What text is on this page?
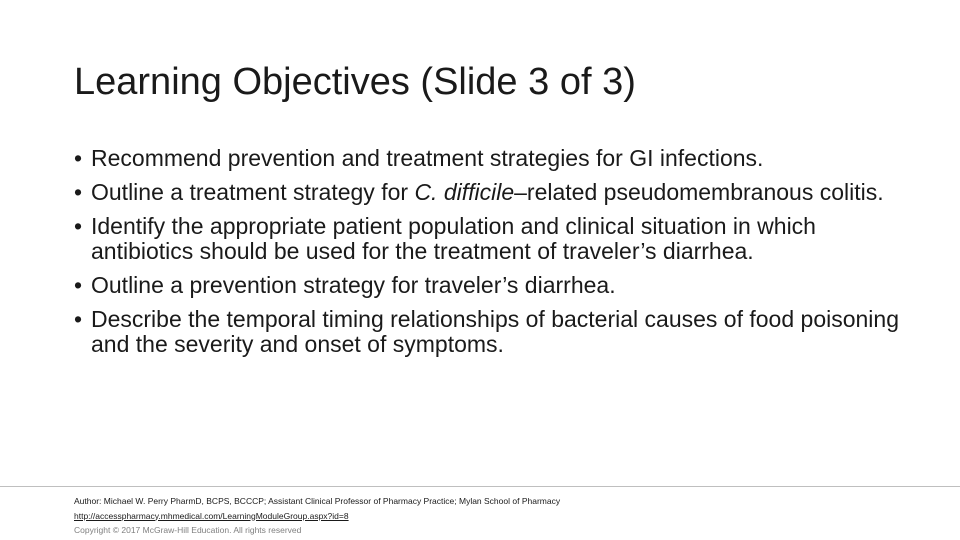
Learning Objectives (Slide 3 of 3)
• Recommend prevention and treatment strategies for GI infections.
• Outline a treatment strategy for C. difficile–related pseudomembranous colitis.
• Identify the appropriate patient population and clinical situation in which antibiotics should be used for the treatment of traveler’s diarrhea.
• Outline a prevention strategy for traveler’s diarrhea.
• Describe the temporal timing relationships of bacterial causes of food poisoning and the severity and onset of symptoms.
Author: Michael W. Perry PharmD, BCPS, BCCCP; Assistant Clinical Professor of Pharmacy Practice; Mylan School of Pharmacy
http://accesspharmacy.mhmedical.com/LearningModuleGroup.aspx?id=8
Copyright © 2017 McGraw-Hill Education. All rights reserved
